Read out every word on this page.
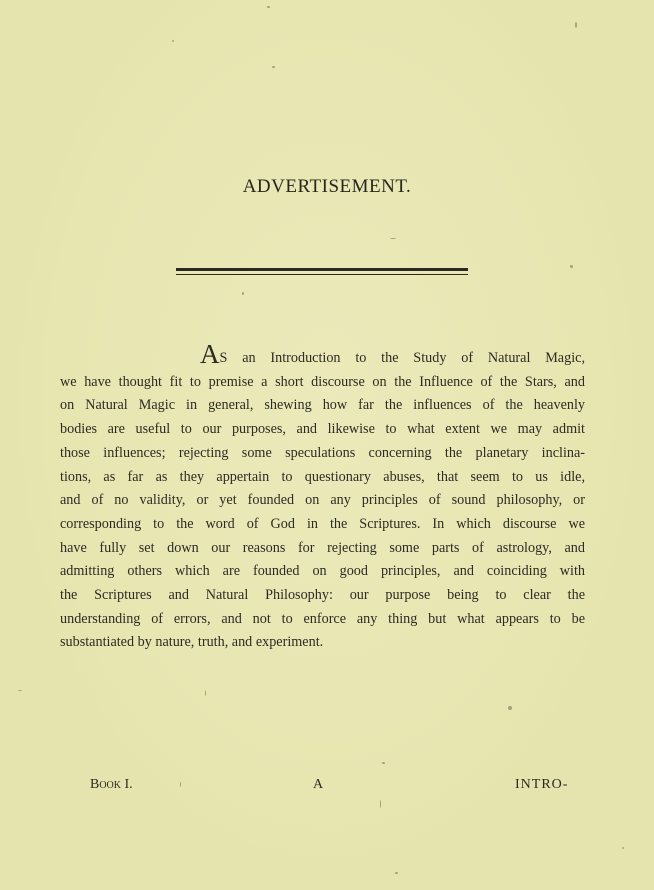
ADVERTISEMENT.
AS an Introduction to the Study of Natural Magic,
we have thought fit to premise a short discourse on the Influence of the Stars, and
on Natural Magic in general, shewing how far the influences of the heavenly
bodies are useful to our purposes, and likewise to what extent we may admit
those influences; rejecting some speculations concerning the planetary inclina-
tions, as far as they appertain to questionary abuses, that seem to us idle,
and of no validity, or yet founded on any principles of sound philosophy, or
corresponding to the word of God in the Scriptures. In which discourse we
have fully set down our reasons for rejecting some parts of astrology, and
admitting others which are founded on good principles, and coinciding with
the Scriptures and Natural Philosophy: our purpose being to clear the
understanding of errors, and not to enforce any thing but what appears to be
substantiated by nature, truth, and experiment.
Book I.	A	INTRO-
